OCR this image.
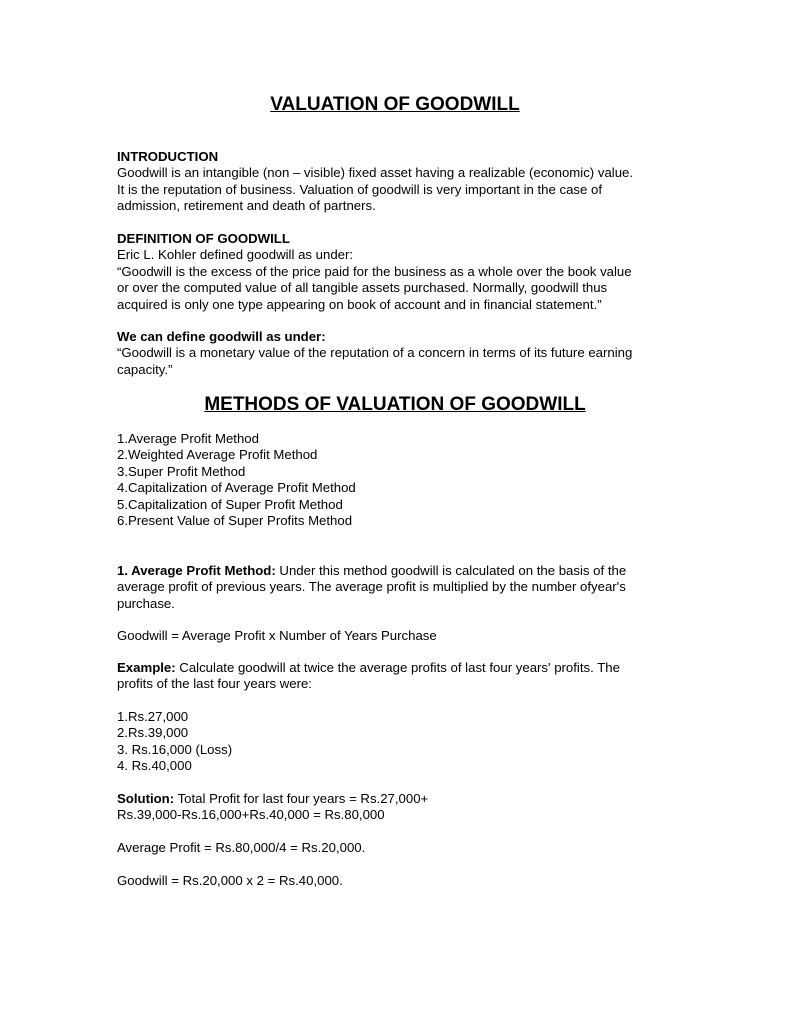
VALUATION OF GOODWILL

INTRODUCTION

Goodwill is an intangible (non – visible) fixed asset having a realizable (economic) value.

It is the reputation of business. Valuation of goodwill is very important in the case of

admission, retirement and death of partners.

DEFINITION OF GOODWILL

Eric L. Kohler defined goodwill as under:

“Goodwill is the excess of the price paid for the business as a whole over the book value

or over the computed value of all tangible assets purchased. Normally, goodwill thus

acquired is only one type appearing on book of account and in financial statement.”

We can define goodwill as under:

“Goodwill is a monetary value of the reputation of a concern in terms of its future earning

capacity.”

METHODS OF VALUATION OF GOODWILL

1.Average Profit Method

2.Weighted Average Profit Method

3.Super Profit Method

4.Capitalization of Average Profit Method

5.Capitalization of Super Profit Method

6.Present Value of Super Profits Method

1. Average Profit Method: Under this method goodwill is calculated on the basis of the

average profit of previous years. The average profit is multiplied by the number ofyear's

purchase.

Goodwill = Average Profit x Number of Years Purchase

Example: Calculate goodwill at twice the average profits of last four years' profits. The

profits of the last four years were:

1.Rs.27,000

2.Rs.39,000

3. Rs.16,000 (Loss)

4. Rs.40,000

Solution: Total Profit for last four years = Rs.27,000+

Rs.39,000-Rs.16,000+Rs.40,000 = Rs.80,000

Average Profit = Rs.80,000/4 = Rs.20,000.

Goodwill = Rs.20,000 x 2 = Rs.40,000.
